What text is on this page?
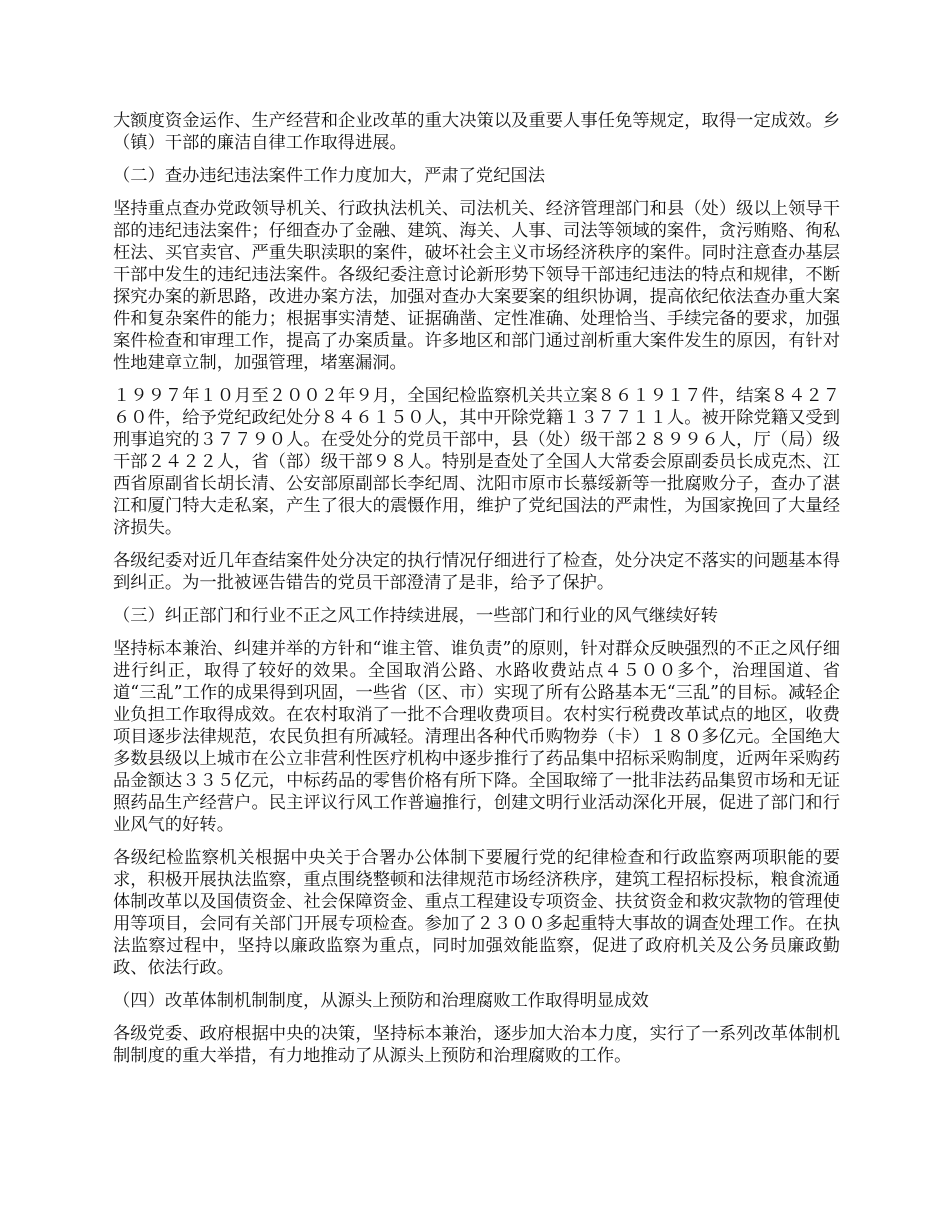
大额度资金运作、生产经营和企业改革的重大决策以及重要人事任免等规定，取得一定成效。乡（镇）干部的廉洁自律工作取得进展。

（二）查办违纪违法案件工作力度加大，严肃了党纪国法

坚持重点查办党政领导机关、行政执法机关、司法机关、经济管理部门和县（处）级以上领导干部的违纪违法案件；仔细查办了金融、建筑、海关、人事、司法等领域的案件，贪污贿赂、徇私枉法、买官卖官、严重失职渎职的案件，破坏社会主义市场经济秩序的案件。同时注意查办基层干部中发生的违纪违法案件。各级纪委注意讨论新形势下领导干部违纪违法的特点和规律，不断探究办案的新思路，改进办案方法，加强对查办大案要案的组织协调，提高依纪依法查办重大案件和复杂案件的能力；根据事实清楚、证据确凿、定性准确、处理恰当、手续完备的要求，加强案件检查和审理工作，提高了办案质量。许多地区和部门通过剖析重大案件发生的原因，有针对性地建章立制，加强管理，堵塞漏洞。

１９９７年１０月至２００２年９月，全国纪检监察机关共立案８６１９１７件，结案８４２７６０件，给予党纪政纪处分８４６１５０人，其中开除党籍１３７７１１人。被开除党籍又受到刑事追究的３７７９０人。在受处分的党员干部中，县（处）级干部２８９９６人，厅（局）级干部２４２２人，省（部）级干部９８人。特别是查处了全国人大常委会原副委员长成克杰、江西省原副省长胡长清、公安部原副部长李纪周、沈阳市原市长慕绥新等一批腐败分子，查办了湛江和厦门特大走私案，产生了很大的震慑作用，维护了党纪国法的严肃性，为国家挽回了大量经济损失。

各级纪委对近几年查结案件处分决定的执行情况仔细进行了检查，处分决定不落实的问题基本得到纠正。为一批被诬告错告的党员干部澄清了是非，给予了保护。

（三）纠正部门和行业不正之风工作持续进展，一些部门和行业的风气继续好转

坚持标本兼治、纠建并举的方针和“谁主管、谁负责”的原则，针对群众反映强烈的不正之风仔细进行纠正，取得了较好的效果。全国取消公路、水路收费站点４５００多个，治理国道、省道“三乱”工作的成果得到巩固，一些省（区、市）实现了所有公路基本无“三乱”的目标。减轻企业负担工作取得成效。在农村取消了一批不合理收费项目。农村实行税费改革试点的地区，收费项目逐步法律规范，农民负担有所减轻。清理出各种代币购物券（卡）１８０多亿元。全国绝大多数县级以上城市在公立非营利性医疗机构中逐步推行了药品集中招标采购制度，近两年采购药品金额达３３５亿元，中标药品的零售价格有所下降。全国取缔了一批非法药品集贸市场和无证照药品生产经营户。民主评议行风工作普遍推行，创建文明行业活动深化开展，促进了部门和行业风气的好转。

各级纪检监察机关根据中央关于合署办公体制下要履行党的纪律检查和行政监察两项职能的要求，积极开展执法监察，重点围绕整顿和法律规范市场经济秩序，建筑工程招标投标，粮食流通体制改革以及国债资金、社会保障资金、重点工程建设专项资金、扶贫资金和救灾款物的管理使用等项目，会同有关部门开展专项检查。参加了２３００多起重特大事故的调查处理工作。在执法监察过程中，坚持以廉政监察为重点，同时加强效能监察，促进了政府机关及公务员廉政勤政、依法行政。

（四）改革体制机制制度，从源头上预防和治理腐败工作取得明显成效

各级党委、政府根据中央的决策，坚持标本兼治，逐步加大治本力度，实行了一系列改革体制机制制度的重大举措，有力地推动了从源头上预防和治理腐败的工作。
